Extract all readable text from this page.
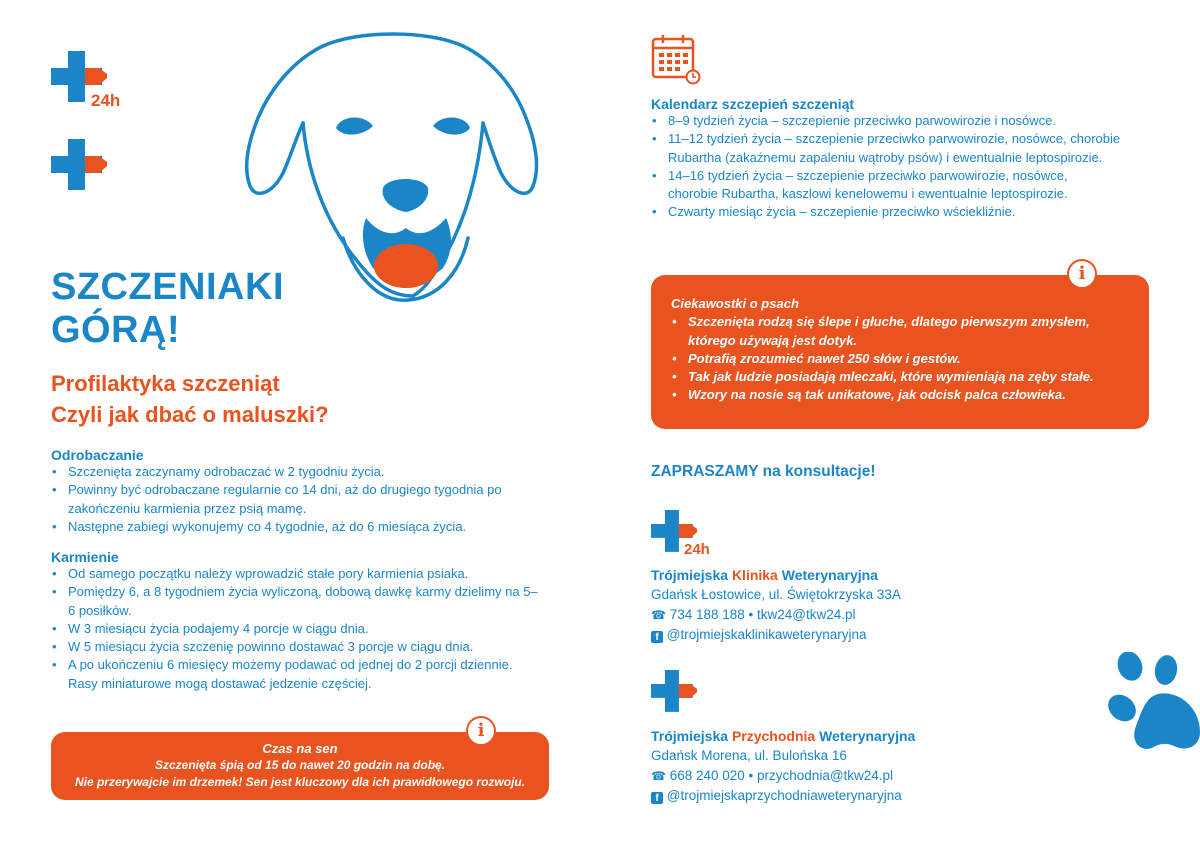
24h
SZCZENIAKI
GÓRĄ!
Profilaktyka szczeniąt
Czyli jak dbać o maluszki?
Odrobaczanie
• Szczenięta zaczynamy odrobaczać w 2 tygodniu życia.
• Powinny być odrobaczane regularnie co 14 dni, aż do drugiego tygodnia po zakończeniu karmienia przez psią mamę.
• Następne zabiegi wykonujemy co 4 tygodnie, aż do 6 miesiąca życia.
Karmienie
• Od samego początku należy wprowadzić stałe pory karmienia psiaka.
• Pomiędzy 6, a 8 tygodniem życia wyliczoną, dobową dawkę karmy dzielimy na 5–6 posiłków.
• W 3 miesiącu życia podajemy 4 porcje w ciągu dnia.
• W 5 miesiącu życia szczenię powinno dostawać 3 porcje w ciągu dnia.
• A po ukończeniu 6 miesięcy możemy podawać od jednej do 2 porcji dziennie. Rasy miniaturowe mogą dostawać jedzenie częściej.
Czas na sen
Szczenięta śpią od 15 do nawet 20 godzin na dobę.
Nie przerywajcie im drzemek! Sen jest kluczowy dla ich prawidłowego rozwoju.
i
Kalendarz szczepień szczeniąt
• 8–9 tydzień życia – szczepienie przeciwko parwowirozie i nosówce.
• 11–12 tydzień życia – szczepienie przeciwko parwowirozie, nosówce, chorobie Rubartha (zakaźnemu zapaleniu wątroby psów) i ewentualnie leptospirozie.
• 14–16 tydzień życia – szczepienie przeciwko parwowirozie, nosówce, chorobie Rubartha, kaszlowi kenelowemu i ewentualnie leptospirozie.
• Czwarty miesiąc życia – szczepienie przeciwko wściekliźnie.
Ciekawostki o psach
• Szczenięta rodzą się ślepe i głuche, dlatego pierwszym zmysłem, którego używają jest dotyk.
• Potrafią zrozumieć nawet 250 słów i gestów.
• Tak jak ludzie posiadają mleczaki, które wymieniają na zęby stałe.
• Wzory na nosie są tak unikatowe, jak odcisk palca człowieka.
i
ZAPRASZAMY na konsultacje!
24h
Trójmiejska Klinika Weterynaryjna
Gdańsk Łostowice, ul. Świętokrzyska 33A
☎ 734 188 188 • tkw24@tkw24.pl
f @trojmiejskaklinikaweterynaryjna
Trójmiejska Przychodnia Weterynaryjna
Gdańsk Morena, ul. Bulońska 16
☎ 668 240 020 • przychodnia@tkw24.pl
f @trojmiejskaprzychodniaweterynaryjna
